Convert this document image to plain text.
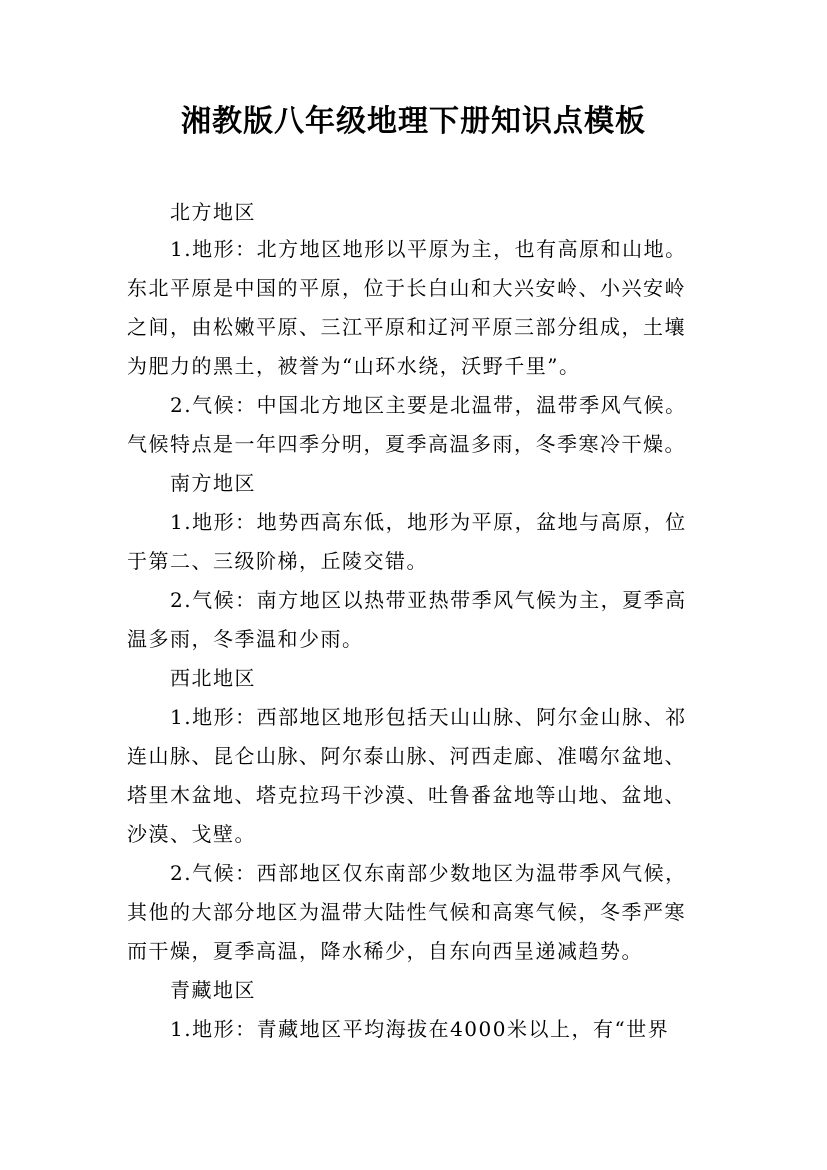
湘教版八年级地理下册知识点模板
北方地区
1.地形：北方地区地形以平原为主，也有高原和山地。
东北平原是中国的平原，位于长白山和大兴安岭、小兴安岭
之间，由松嫩平原、三江平原和辽河平原三部分组成，土壤
为肥力的黑土，被誉为“山环水绕，沃野千里”。
2.气候：中国北方地区主要是北温带，温带季风气候。
气候特点是一年四季分明，夏季高温多雨，冬季寒冷干燥。
南方地区
1.地形：地势西高东低，地形为平原，盆地与高原，位
于第二、三级阶梯，丘陵交错。
2.气候：南方地区以热带亚热带季风气候为主，夏季高
温多雨，冬季温和少雨。
西北地区
1.地形：西部地区地形包括天山山脉、阿尔金山脉、祁
连山脉、昆仑山脉、阿尔泰山脉、河西走廊、准噶尔盆地、
塔里木盆地、塔克拉玛干沙漠、吐鲁番盆地等山地、盆地、
沙漠、戈壁。
2.气候：西部地区仅东南部少数地区为温带季风气候，
其他的大部分地区为温带大陆性气候和高寒气候，冬季严寒
而干燥，夏季高温，降水稀少，自东向西呈递减趋势。
青藏地区
1.地形：青藏地区平均海拔在4000米以上，有“世界
